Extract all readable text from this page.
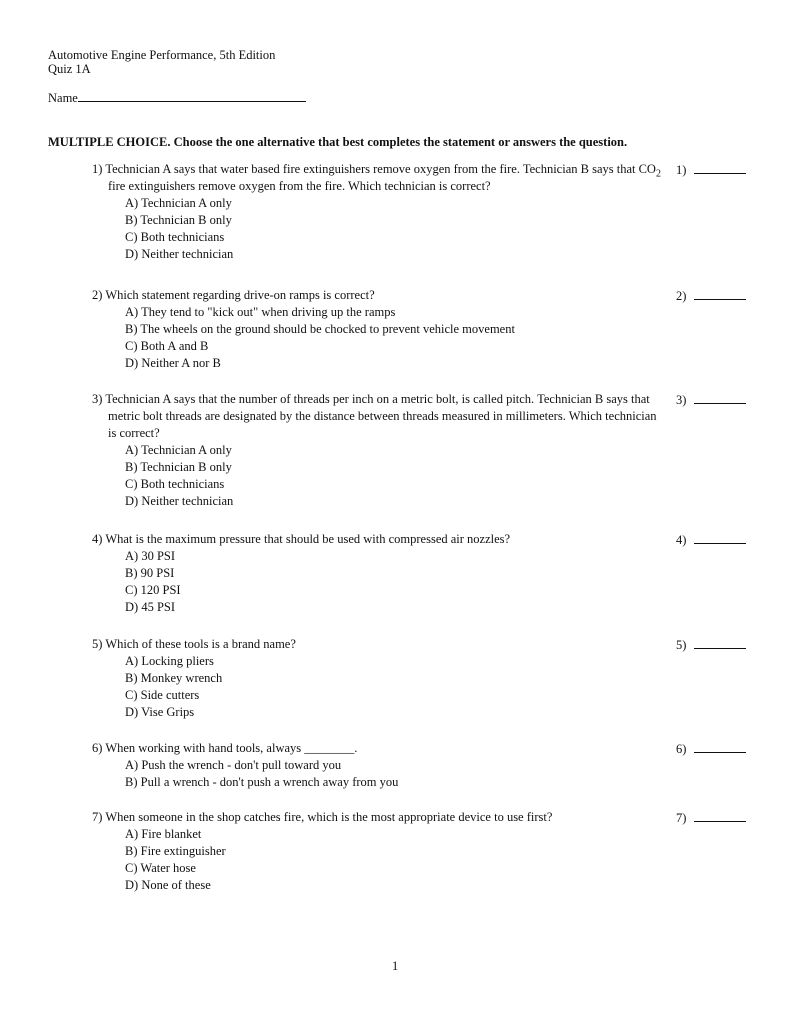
Automotive Engine Performance, 5th Edition
Quiz 1A
Name
MULTIPLE CHOICE. Choose the one alternative that best completes the statement or answers the question.
1
1) Technician A says that water based fire extinguishers remove oxygen from the fire. Technician B says that $CO_2$ fire extinguishers remove oxygen from the fire. Which technician is correct?
A) Technician A only
B) Technician B only
C) Both technicians
D) Neither technician
1)
2) Which statement regarding drive-on ramps is correct?
A) They tend to "kick out" when driving up the ramps
B) The wheels on the ground should be chocked to prevent vehicle movement
C) Both A and B
D) Neither A nor B
2)
3) Technician A says that the number of threads per inch on a metric bolt, is called pitch. Technician B says that metric bolt threads are designated by the distance between threads measured in millimeters. Which technician is correct?
A) Technician A only
B) Technician B only
C) Both technicians
D) Neither technician
3)
4) What is the maximum pressure that should be used with compressed air nozzles?
A) 30 PSI
B) 90 PSI
C) 120 PSI
D) 45 PSI
4)
5) Which of these tools is a brand name?
A) Locking pliers
B) Monkey wrench
C) Side cutters
D) Vise Grips
5)
6) When working with hand tools, always ________.
A) Push the wrench - don't pull toward you
B) Pull a wrench - don't push a wrench away from you
6)
7) When someone in the shop catches fire, which is the most appropriate device to use first?
A) Fire blanket
B) Fire extinguisher
C) Water hose
D) None of these
7)
